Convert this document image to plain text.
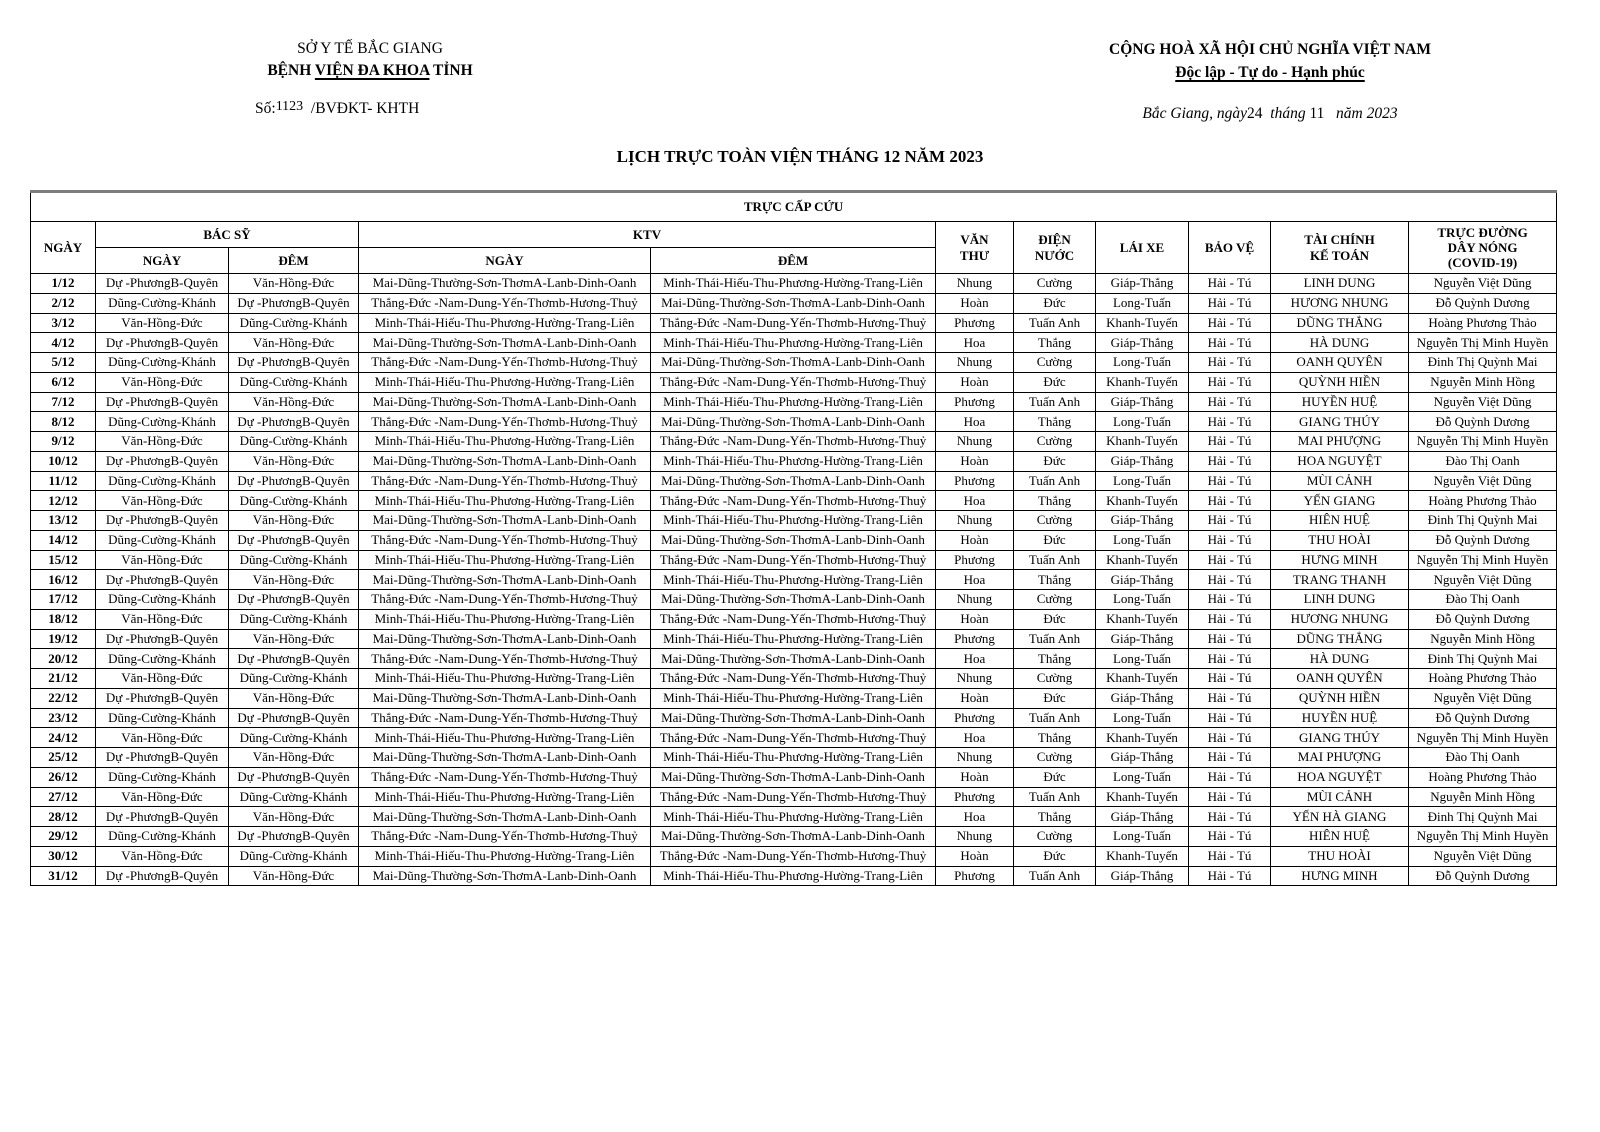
SỞ Y TẾ BẮC GIANG
BỆNH VIỆN ĐA KHOA TỈNH
Số:1123  /BVĐKT- KHTH
CỘNG HOÀ XÃ HỘI CHỦ NGHĨA VIỆT NAM
Độc lập - Tự do - Hạnh phúc
Bắc Giang, ngày24  tháng 11   năm 2023
LỊCH TRỰC TOÀN VIỆN THÁNG 12 NĂM 2023
TRỰC CẤP CỨU										
NGÀY	BÁC SỸ		KTV		VĂN THƯ	ĐIỆN NƯỚC	LÁI XE	BẢO VỆ	TÀI CHÍNH KẾ TOÁN	TRỰC ĐƯỜNG DÂY NÓNG (COVID-19)
	NGÀY	ĐÊM	NGÀY	ĐÊM						
1/12	Dự -PhươngB-Quyên	Văn-Hồng-Đức	Mai-Dũng-Thường-Sơn-ThơmA-Lanb-Dinh-Oanh	Minh-Thái-Hiếu-Thu-Phương-Hường-Trang-Liên	Nhung	Cường	Giáp-Thắng	Hải - Tú	LINH DUNG	Nguyễn Việt Dũng
2/12	Dũng-Cường-Khánh	Dự -PhươngB-Quyên	Thắng-Đức -Nam-Dung-Yến-Thơmb-Hương-Thuỷ	Mai-Dũng-Thường-Sơn-ThơmA-Lanb-Dinh-Oanh	Hoàn	Đức	Long-Tuấn	Hải - Tú	HƯƠNG NHUNG	Đỗ Quỳnh Dương
3/12	Văn-Hồng-Đức	Dũng-Cường-Khánh	Minh-Thái-Hiếu-Thu-Phương-Hường-Trang-Liên	Thắng-Đức -Nam-Dung-Yến-Thơmb-Hương-Thuỷ	Phương	Tuấn Anh	Khanh-Tuyến	Hải - Tú	DŨNG THẮNG	Hoàng Phương Thảo
4/12	Dự -PhươngB-Quyên	Văn-Hồng-Đức	Mai-Dũng-Thường-Sơn-ThơmA-Lanb-Dinh-Oanh	Minh-Thái-Hiếu-Thu-Phương-Hường-Trang-Liên	Hoa	Thắng	Giáp-Thắng	Hải - Tú	HÀ DUNG	Nguyễn Thị Minh Huyền
5/12	Dũng-Cường-Khánh	Dự -PhươngB-Quyên	Thắng-Đức -Nam-Dung-Yến-Thơmb-Hương-Thuỷ	Mai-Dũng-Thường-Sơn-ThơmA-Lanb-Dinh-Oanh	Nhung	Cường	Long-Tuấn	Hải - Tú	OANH QUYÊN	Đinh Thị Quỳnh Mai
6/12	Văn-Hồng-Đức	Dũng-Cường-Khánh	Minh-Thái-Hiếu-Thu-Phương-Hường-Trang-Liên	Thắng-Đức -Nam-Dung-Yến-Thơmb-Hương-Thuỷ	Hoàn	Đức	Khanh-Tuyến	Hải - Tú	QUỲNH HIỀN	Nguyễn Minh Hồng
7/12	Dự -PhươngB-Quyên	Văn-Hồng-Đức	Mai-Dũng-Thường-Sơn-ThơmA-Lanb-Dinh-Oanh	Minh-Thái-Hiếu-Thu-Phương-Hường-Trang-Liên	Phương	Tuấn Anh	Giáp-Thắng	Hải - Tú	HUYỀN HUỆ	Nguyễn Việt Dũng
8/12	Dũng-Cường-Khánh	Dự -PhươngB-Quyên	Thắng-Đức -Nam-Dung-Yến-Thơmb-Hương-Thuỷ	Mai-Dũng-Thường-Sơn-ThơmA-Lanb-Dinh-Oanh	Hoa	Thắng	Long-Tuấn	Hải - Tú	GIANG THÚY	Đỗ Quỳnh Dương
9/12	Văn-Hồng-Đức	Dũng-Cường-Khánh	Minh-Thái-Hiếu-Thu-Phương-Hường-Trang-Liên	Thắng-Đức -Nam-Dung-Yến-Thơmb-Hương-Thuỷ	Nhung	Cường	Khanh-Tuyến	Hải - Tú	MAI PHƯỢNG	Nguyễn Thị Minh Huyền
10/12	Dự -PhươngB-Quyên	Văn-Hồng-Đức	Mai-Dũng-Thường-Sơn-ThơmA-Lanb-Dinh-Oanh	Minh-Thái-Hiếu-Thu-Phương-Hường-Trang-Liên	Hoàn	Đức	Giáp-Thắng	Hải - Tú	HOA NGUYỆT	Đào Thị Oanh
11/12	Dũng-Cường-Khánh	Dự -PhươngB-Quyên	Thắng-Đức -Nam-Dung-Yến-Thơmb-Hương-Thuỷ	Mai-Dũng-Thường-Sơn-ThơmA-Lanb-Dinh-Oanh	Phương	Tuấn Anh	Long-Tuấn	Hải - Tú	MÙI CẢNH	Nguyễn Việt Dũng
12/12	Văn-Hồng-Đức	Dũng-Cường-Khánh	Minh-Thái-Hiếu-Thu-Phương-Hường-Trang-Liên	Thắng-Đức -Nam-Dung-Yến-Thơmb-Hương-Thuỷ	Hoa	Thắng	Khanh-Tuyến	Hải - Tú	YẾN GIANG	Hoàng Phương Thảo
13/12	Dự -PhươngB-Quyên	Văn-Hồng-Đức	Mai-Dũng-Thường-Sơn-ThơmA-Lanb-Dinh-Oanh	Minh-Thái-Hiếu-Thu-Phương-Hường-Trang-Liên	Nhung	Cường	Giáp-Thắng	Hải - Tú	HIÊN HUỆ	Đinh Thị Quỳnh Mai
14/12	Dũng-Cường-Khánh	Dự -PhươngB-Quyên	Thắng-Đức -Nam-Dung-Yến-Thơmb-Hương-Thuỷ	Mai-Dũng-Thường-Sơn-ThơmA-Lanb-Dinh-Oanh	Hoàn	Đức	Long-Tuấn	Hải - Tú	THU HOÀI	Đỗ Quỳnh Dương
15/12	Văn-Hồng-Đức	Dũng-Cường-Khánh	Minh-Thái-Hiếu-Thu-Phương-Hường-Trang-Liên	Thắng-Đức -Nam-Dung-Yến-Thơmb-Hương-Thuỷ	Phương	Tuấn Anh	Khanh-Tuyến	Hải - Tú	HƯNG MINH	Nguyễn Thị Minh Huyền
16/12	Dự -PhươngB-Quyên	Văn-Hồng-Đức	Mai-Dũng-Thường-Sơn-ThơmA-Lanb-Dinh-Oanh	Minh-Thái-Hiếu-Thu-Phương-Hường-Trang-Liên	Hoa	Thắng	Giáp-Thắng	Hải - Tú	TRANG THANH	Nguyễn Việt Dũng
17/12	Dũng-Cường-Khánh	Dự -PhươngB-Quyên	Thắng-Đức -Nam-Dung-Yến-Thơmb-Hương-Thuỷ	Mai-Dũng-Thường-Sơn-ThơmA-Lanb-Dinh-Oanh	Nhung	Cường	Long-Tuấn	Hải - Tú	LINH DUNG	Đào Thị Oanh
18/12	Văn-Hồng-Đức	Dũng-Cường-Khánh	Minh-Thái-Hiếu-Thu-Phương-Hường-Trang-Liên	Thắng-Đức -Nam-Dung-Yến-Thơmb-Hương-Thuỷ	Hoàn	Đức	Khanh-Tuyến	Hải - Tú	HƯƠNG NHUNG	Đỗ Quỳnh Dương
19/12	Dự -PhươngB-Quyên	Văn-Hồng-Đức	Mai-Dũng-Thường-Sơn-ThơmA-Lanb-Dinh-Oanh	Minh-Thái-Hiếu-Thu-Phương-Hường-Trang-Liên	Phương	Tuấn Anh	Giáp-Thắng	Hải - Tú	DŨNG THẮNG	Nguyễn Minh Hồng
20/12	Dũng-Cường-Khánh	Dự -PhươngB-Quyên	Thắng-Đức -Nam-Dung-Yến-Thơmb-Hương-Thuỷ	Mai-Dũng-Thường-Sơn-ThơmA-Lanb-Dinh-Oanh	Hoa	Thắng	Long-Tuấn	Hải - Tú	HÀ DUNG	Đinh Thị Quỳnh Mai
21/12	Văn-Hồng-Đức	Dũng-Cường-Khánh	Minh-Thái-Hiếu-Thu-Phương-Hường-Trang-Liên	Thắng-Đức -Nam-Dung-Yến-Thơmb-Hương-Thuỷ	Nhung	Cường	Khanh-Tuyến	Hải - Tú	OANH QUYÊN	Hoàng Phương Thảo
22/12	Dự -PhươngB-Quyên	Văn-Hồng-Đức	Mai-Dũng-Thường-Sơn-ThơmA-Lanb-Dinh-Oanh	Minh-Thái-Hiếu-Thu-Phương-Hường-Trang-Liên	Hoàn	Đức	Giáp-Thắng	Hải - Tú	QUỲNH HIỀN	Nguyễn Việt Dũng
23/12	Dũng-Cường-Khánh	Dự -PhươngB-Quyên	Thắng-Đức -Nam-Dung-Yến-Thơmb-Hương-Thuỷ	Mai-Dũng-Thường-Sơn-ThơmA-Lanb-Dinh-Oanh	Phương	Tuấn Anh	Long-Tuấn	Hải - Tú	HUYỀN HUỆ	Đỗ Quỳnh Dương
24/12	Văn-Hồng-Đức	Dũng-Cường-Khánh	Minh-Thái-Hiếu-Thu-Phương-Hường-Trang-Liên	Thắng-Đức -Nam-Dung-Yến-Thơmb-Hương-Thuỷ	Hoa	Thắng	Khanh-Tuyến	Hải - Tú	GIANG THÚY	Nguyễn Thị Minh Huyền
25/12	Dự -PhươngB-Quyên	Văn-Hồng-Đức	Mai-Dũng-Thường-Sơn-ThơmA-Lanb-Dinh-Oanh	Minh-Thái-Hiếu-Thu-Phương-Hường-Trang-Liên	Nhung	Cường	Giáp-Thắng	Hải - Tú	MAI PHƯỢNG	Đào Thị Oanh
26/12	Dũng-Cường-Khánh	Dự -PhươngB-Quyên	Thắng-Đức -Nam-Dung-Yến-Thơmb-Hương-Thuỷ	Mai-Dũng-Thường-Sơn-ThơmA-Lanb-Dinh-Oanh	Hoàn	Đức	Long-Tuấn	Hải - Tú	HOA NGUYỆT	Hoàng Phương Thảo
27/12	Văn-Hồng-Đức	Dũng-Cường-Khánh	Minh-Thái-Hiếu-Thu-Phương-Hường-Trang-Liên	Thắng-Đức -Nam-Dung-Yến-Thơmb-Hương-Thuỷ	Phương	Tuấn Anh	Khanh-Tuyến	Hải - Tú	MÙI CẢNH	Nguyễn Minh Hồng
28/12	Dự -PhươngB-Quyên	Văn-Hồng-Đức	Mai-Dũng-Thường-Sơn-ThơmA-Lanb-Dinh-Oanh	Minh-Thái-Hiếu-Thu-Phương-Hường-Trang-Liên	Hoa	Thắng	Giáp-Thắng	Hải - Tú	YẾN HÀ GIANG	Đinh Thị Quỳnh Mai
29/12	Dũng-Cường-Khánh	Dự -PhươngB-Quyên	Thắng-Đức -Nam-Dung-Yến-Thơmb-Hương-Thuỷ	Mai-Dũng-Thường-Sơn-ThơmA-Lanb-Dinh-Oanh	Nhung	Cường	Long-Tuấn	Hải - Tú	HIÊN HUỆ	Nguyễn Thị Minh Huyền
30/12	Văn-Hồng-Đức	Dũng-Cường-Khánh	Minh-Thái-Hiếu-Thu-Phương-Hường-Trang-Liên	Thắng-Đức -Nam-Dung-Yến-Thơmb-Hương-Thuỷ	Hoàn	Đức	Khanh-Tuyến	Hải - Tú	THU HOÀI	Nguyễn Việt Dũng
31/12	Dự -PhươngB-Quyên	Văn-Hồng-Đức	Mai-Dũng-Thường-Sơn-ThơmA-Lanb-Dinh-Oanh	Minh-Thái-Hiếu-Thu-Phương-Hường-Trang-Liên	Phương	Tuấn Anh	Giáp-Thắng	Hải - Tú	HƯNG MINH	Đỗ Quỳnh Dương
